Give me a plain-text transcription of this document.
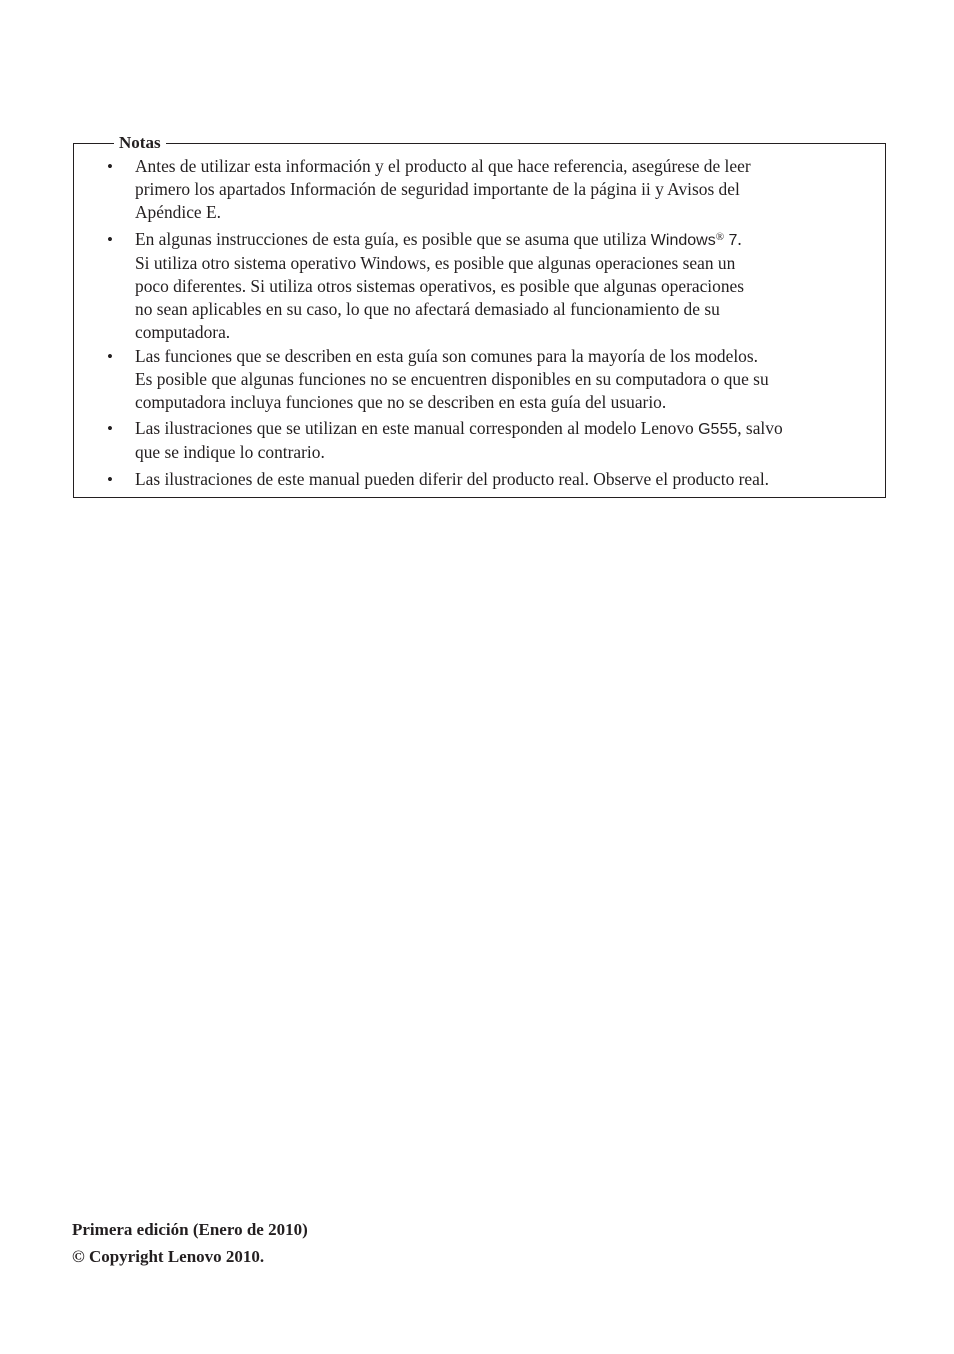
Notas
• Antes de utilizar esta información y el producto al que hace referencia, asegúrese de leer
primero los apartados Información de seguridad importante de la página ii y Avisos del
Apéndice E.
• En algunas instrucciones de esta guía, es posible que se asuma que utiliza Windows® 7.
Si utiliza otro sistema operativo Windows, es posible que algunas operaciones sean un
poco diferentes. Si utiliza otros sistemas operativos, es posible que algunas operaciones
no sean aplicables en su caso, lo que no afectará demasiado al funcionamiento de su
computadora.
• Las funciones que se describen en esta guía son comunes para la mayoría de los modelos.
Es posible que algunas funciones no se encuentren disponibles en su computadora o que su
computadora incluya funciones que no se describen en esta guía del usuario.
• Las ilustraciones que se utilizan en este manual corresponden al modelo Lenovo G555, salvo
que se indique lo contrario.
• Las ilustraciones de este manual pueden diferir del producto real. Observe el producto real.
Primera edición (Enero de 2010)
© Copyright Lenovo 2010.
